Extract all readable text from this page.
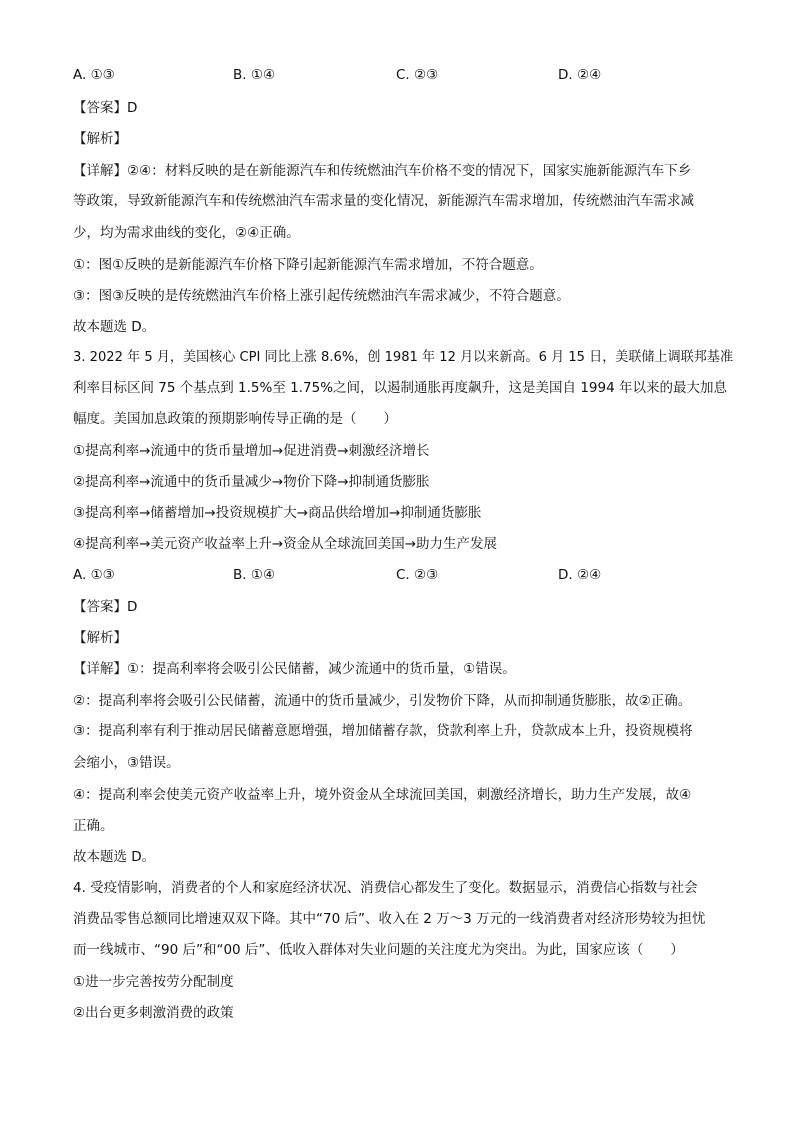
A. ①③	B. ①④	C. ②③	D. ②④
【答案】D
【解析】
【详解】②④：材料反映的是在新能源汽车和传统燃油汽车价格不变的情况下，国家实施新能源汽车下乡
等政策，导致新能源汽车和传统燃油汽车需求量的变化情况，新能源汽车需求增加，传统燃油汽车需求减
少，均为需求曲线的变化，②④正确。
①：图①反映的是新能源汽车价格下降引起新能源汽车需求增加，不符合题意。
③：图③反映的是传统燃油汽车价格上涨引起传统燃油汽车需求减少，不符合题意。
故本题选 D。
3. 2022 年 5 月，美国核心 CPI 同比上涨 8.6%，创 1981 年 12 月以来新高。6 月 15 日，美联储上调联邦基准
利率目标区间 75 个基点到 1.5%至 1.75%之间，以遏制通胀再度飙升，这是美国自 1994 年以来的最大加息
幅度。美国加息政策的预期影响传导正确的是（　　）
①提高利率→流通中的货币量增加→促进消费→刺激经济增长
②提高利率→流通中的货币量减少→物价下降→抑制通货膨胀
③提高利率→储蓄增加→投资规模扩大→商品供给增加→抑制通货膨胀
④提高利率→美元资产收益率上升→资金从全球流回美国→助力生产发展
A. ①③	B. ①④	C. ②③	D. ②④
【答案】D
【解析】
【详解】①：提高利率将会吸引公民储蓄，减少流通中的货币量，①错误。
②：提高利率将会吸引公民储蓄，流通中的货币量减少，引发物价下降，从而抑制通货膨胀，故②正确。
③：提高利率有利于推动居民储蓄意愿增强，增加储蓄存款，贷款利率上升，贷款成本上升，投资规模将
会缩小，③错误。
④：提高利率会使美元资产收益率上升，境外资金从全球流回美国，刺激经济增长，助力生产发展，故④
正确。
故本题选 D。
4. 受疫情影响，消费者的个人和家庭经济状况、消费信心都发生了变化。数据显示，消费信心指数与社会
消费品零售总额同比增速双双下降。其中“70 后”、收入在 2 万～3 万元的一线消费者对经济形势较为担忧
而一线城市、“90 后”和“00 后”、低收入群体对失业问题的关注度尤为突出。为此，国家应该（　　）
①进一步完善按劳分配制度
②出台更多刺激消费的政策
